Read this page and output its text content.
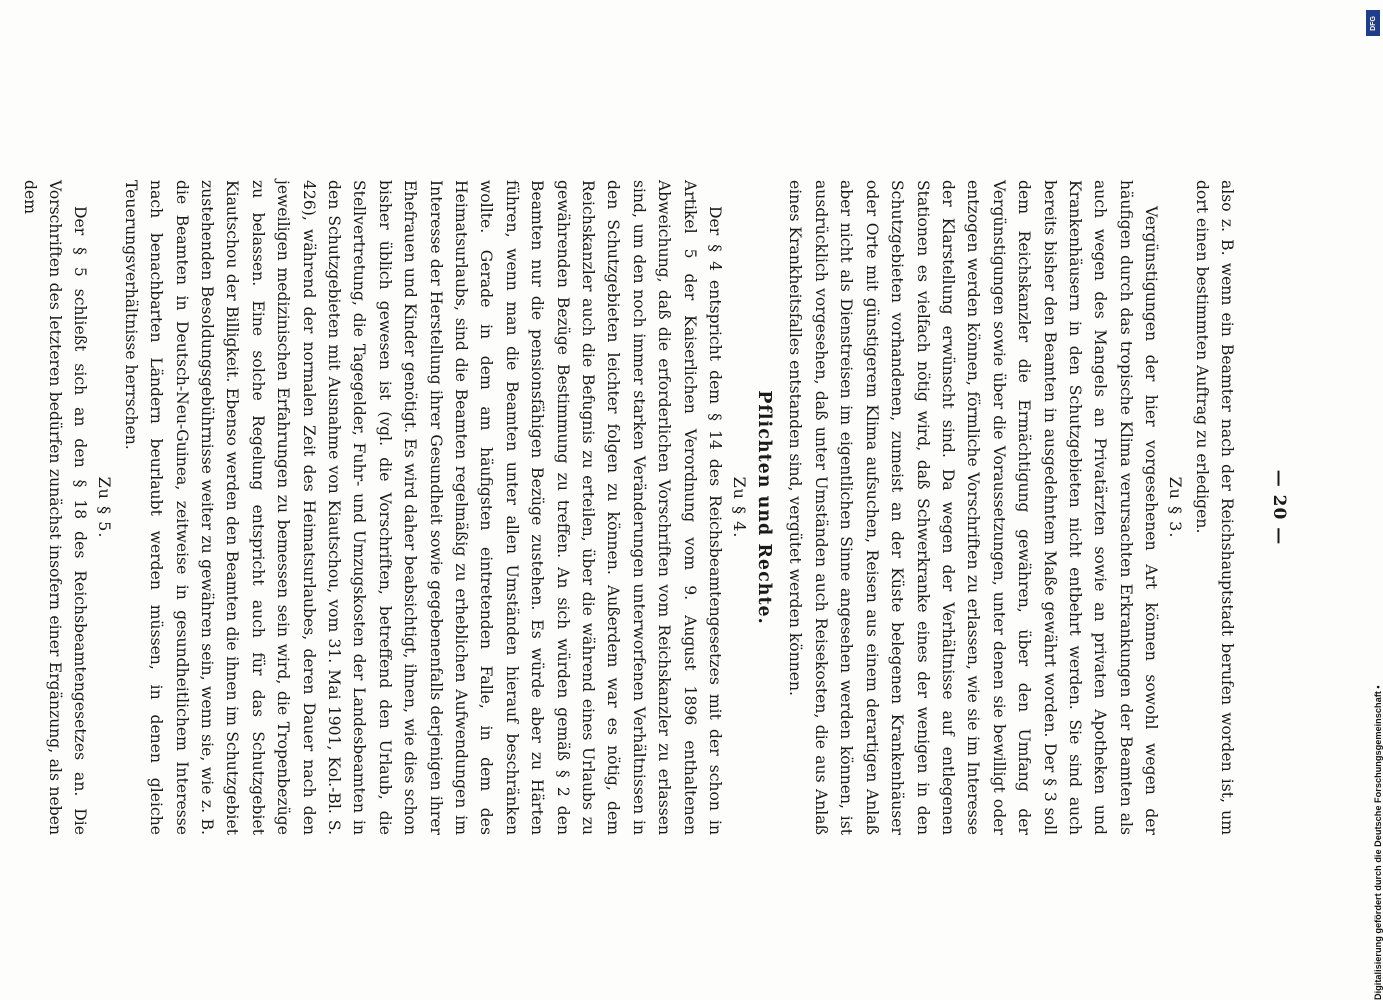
— 20 —

also z. B. wenn ein Beamter nach der Reichshauptstadt berufen worden ist, um dort einen bestimmten Auftrag zu erledigen.

Zu § 3.

Vergünstigungen der hier vorgesehenen Art können sowohl wegen der häufigen durch das tropische Klima verursachten Erkrankungen der Beamten als auch wegen des Mangels an Privatärzten sowie an privaten Apotheken und Krankenhäusern in den Schutzgebieten nicht entbehrt werden. Sie sind auch bereits bisher den Beamten in ausgedehntem Maße gewährt worden. Der § 3 soll dem Reichskanzler die Ermächtigung gewähren, über den Umfang der Vergünstigungen sowie über die Voraussetzungen, unter denen sie bewilligt oder entzogen werden können, förmliche Vorschriften zu erlassen, wie sie im Interesse der Klarstellung erwünscht sind. Da wegen der Verhältnisse auf entlegenen Stationen es vielfach nötig wird, daß Schwerkranke eines der wenigen in den Schutzgebieten vorhandenen, zumeist an der Küste belegenen Krankenhäuser oder Orte mit günstigerem Klima aufsuchen, Reisen aus einem derartigen Anlaß aber nicht als Dienstreisen im eigentlichen Sinne angesehen werden können, ist ausdrücklich vorgesehen, daß unter Umständen auch Reisekosten, die aus Anlaß eines Krankheitsfalles entstanden sind, vergütet werden können.

Pflichten und Rechte.

Zu § 4.

Der § 4 entspricht dem § 14 des Reichsbeamtengesetzes mit der schon in Artikel 5 der Kaiserlichen Verordnung vom 9. August 1896 enthaltenen Abweichung, daß die erforderlichen Vorschriften vom Reichskanzler zu erlassen sind, um den noch immer starken Veränderungen unterworfenen Verhältnissen in den Schutzgebieten leichter folgen zu können. Außerdem war es nötig, dem Reichskanzler auch die Befugnis zu erteilen, über die während eines Urlaubs zu gewährenden Bezüge Bestimmung zu treffen. An sich würden gemäß § 2 den Beamten nur die pensionsfähigen Bezüge zustehen. Es würde aber zu Härten führen, wenn man die Beamten unter allen Umständen hierauf beschränken wollte. Gerade in dem am häufigsten eintretenden Falle, in dem des Heimatsurlaubs, sind die Beamten regelmäßig zu erheblichen Aufwendungen im Interesse der Herstellung ihrer Gesundheit sowie gegebenenfalls derjenigen ihrer Ehefrauen und Kinder genötigt. Es wird daher beabsichtigt, ihnen, wie dies schon bisher üblich gewesen ist (vgl. die Vorschriften, betreffend den Urlaub, die Stellvertretung, die Tagegelder, Fuhr- und Umzugskosten der Landesbeamten in den Schutzgebieten mit Ausnahme von Kiautschou, vom 31. Mai 1901, Kol.-Bl. S. 426), während der normalen Zeit des Heimatsurlaubes, deren Dauer nach den jeweiligen medizinischen Erfahrungen zu bemessen sein wird, die Tropenbezüge zu belassen. Eine solche Regelung entspricht auch für das Schutzgebiet Kiautschou der Billigkeit. Ebenso werden den Beamten die ihnen im Schutzgebiet zustehenden Besoldungsgebührnisse weiter zu gewähren sein, wenn sie, wie z. B. die Beamten in Deutsch-Neu-Guinea, zeitweise in gesundheitlichem Interesse nach benachbarten Ländern beurlaubt werden müssen, in denen gleiche Teuerungsverhältnisse herrschen.

Zu § 5.

Der § 5 schließt sich an den § 18 des Reichsbeamtengesetzes an. Die Vorschriften des letzteren bedürfen zunächst insofern einer Ergänzung, als neben dem

DFG
Digitalisierung gefördert durch die Deutsche Forschungsgemeinschaft •
